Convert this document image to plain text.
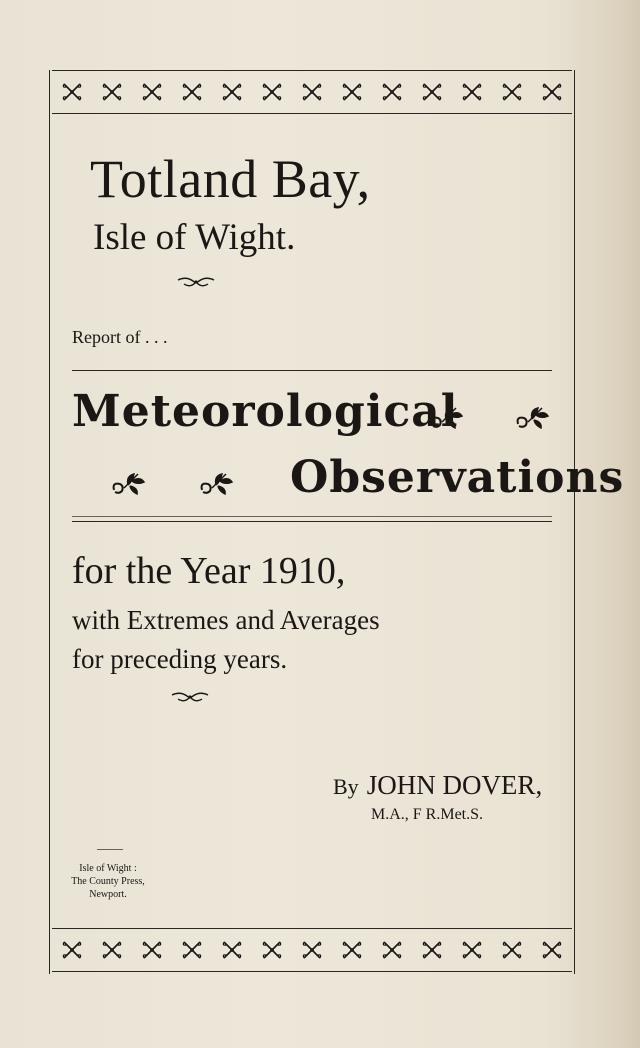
Totland Bay,
Isle of Wight.
Report of . . .
Meteorological
Observations
for the Year 1910,
with Extremes and Averages
for preceding years.
By JOHN DOVER,
M.A., F R.Met.S.
Isle of Wight :
The County Press,
Newport.
